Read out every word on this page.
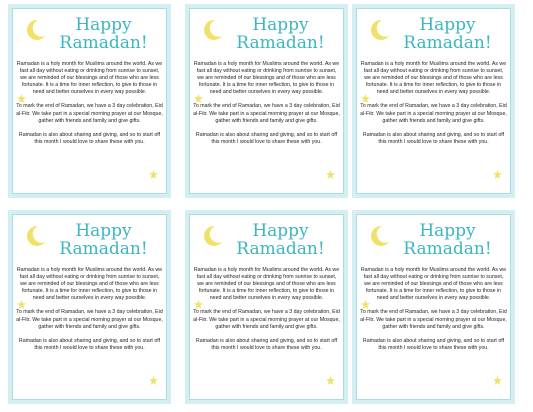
Happy
Ramadan!

Ramadan is a holy month for Muslims around the world. As we fast all day without eating or drinking from sunrise to sunset, we are reminded of our blessings and of those who are less fortunate. It is a time for inner reflection, to give to those in need and better ourselves in every way possible.

To mark the end of Ramadan, we have a 3 day celebration, Eid al-Fitr. We take part in a special morning prayer at our Mosque, gather with friends and family and give gifts.

Ramadan is also about sharing and giving, and so to start off this month I would love to share these with you.

Happy
Ramadan!

Ramadan is a holy month for Muslims around the world. As we fast all day without eating or drinking from sunrise to sunset, we are reminded of our blessings and of those who are less fortunate. It is a time for inner reflection, to give to those in need and better ourselves in every way possible.

To mark the end of Ramadan, we have a 3 day celebration, Eid al-Fitr. We take part in a special morning prayer at our Mosque, gather with friends and family and give gifts.

Ramadan is also about sharing and giving, and so to start off this month I would love to share these with you.

Happy
Ramadan!

Ramadan is a holy month for Muslims around the world. As we fast all day without eating or drinking from sunrise to sunset, we are reminded of our blessings and of those who are less fortunate. It is a time for inner reflection, to give to those in need and better ourselves in every way possible.

To mark the end of Ramadan, we have a 3 day celebration, Eid al-Fitr. We take part in a special morning prayer at our Mosque, gather with friends and family and give gifts.

Ramadan is also about sharing and giving, and so to start off this month I would love to share these with you.

Happy
Ramadan!

Ramadan is a holy month for Muslims around the world. As we fast all day without eating or drinking from sunrise to sunset, we are reminded of our blessings and of those who are less fortunate. It is a time for inner reflection, to give to those in need and better ourselves in every way possible.

To mark the end of Ramadan, we have a 3 day celebration, Eid al-Fitr. We take part in a special morning prayer at our Mosque, gather with friends and family and give gifts.

Ramadan is also about sharing and giving, and so to start off this month I would love to share these with you.

Happy
Ramadan!

Ramadan is a holy month for Muslims around the world. As we fast all day without eating or drinking from sunrise to sunset, we are reminded of our blessings and of those who are less fortunate. It is a time for inner reflection, to give to those in need and better ourselves in every way possible.

To mark the end of Ramadan, we have a 3 day celebration, Eid al-Fitr. We take part in a special morning prayer at our Mosque, gather with friends and family and give gifts.

Ramadan is also about sharing and giving, and so to start off this month I would love to share these with you.

Happy
Ramadan!

Ramadan is a holy month for Muslims around the world. As we fast all day without eating or drinking from sunrise to sunset, we are reminded of our blessings and of those who are less fortunate. It is a time for inner reflection, to give to those in need and better ourselves in every way possible.

To mark the end of Ramadan, we have a 3 day celebration, Eid al-Fitr. We take part in a special morning prayer at our Mosque, gather with friends and family and give gifts.

Ramadan is also about sharing and giving, and so to start off this month I would love to share these with you.
